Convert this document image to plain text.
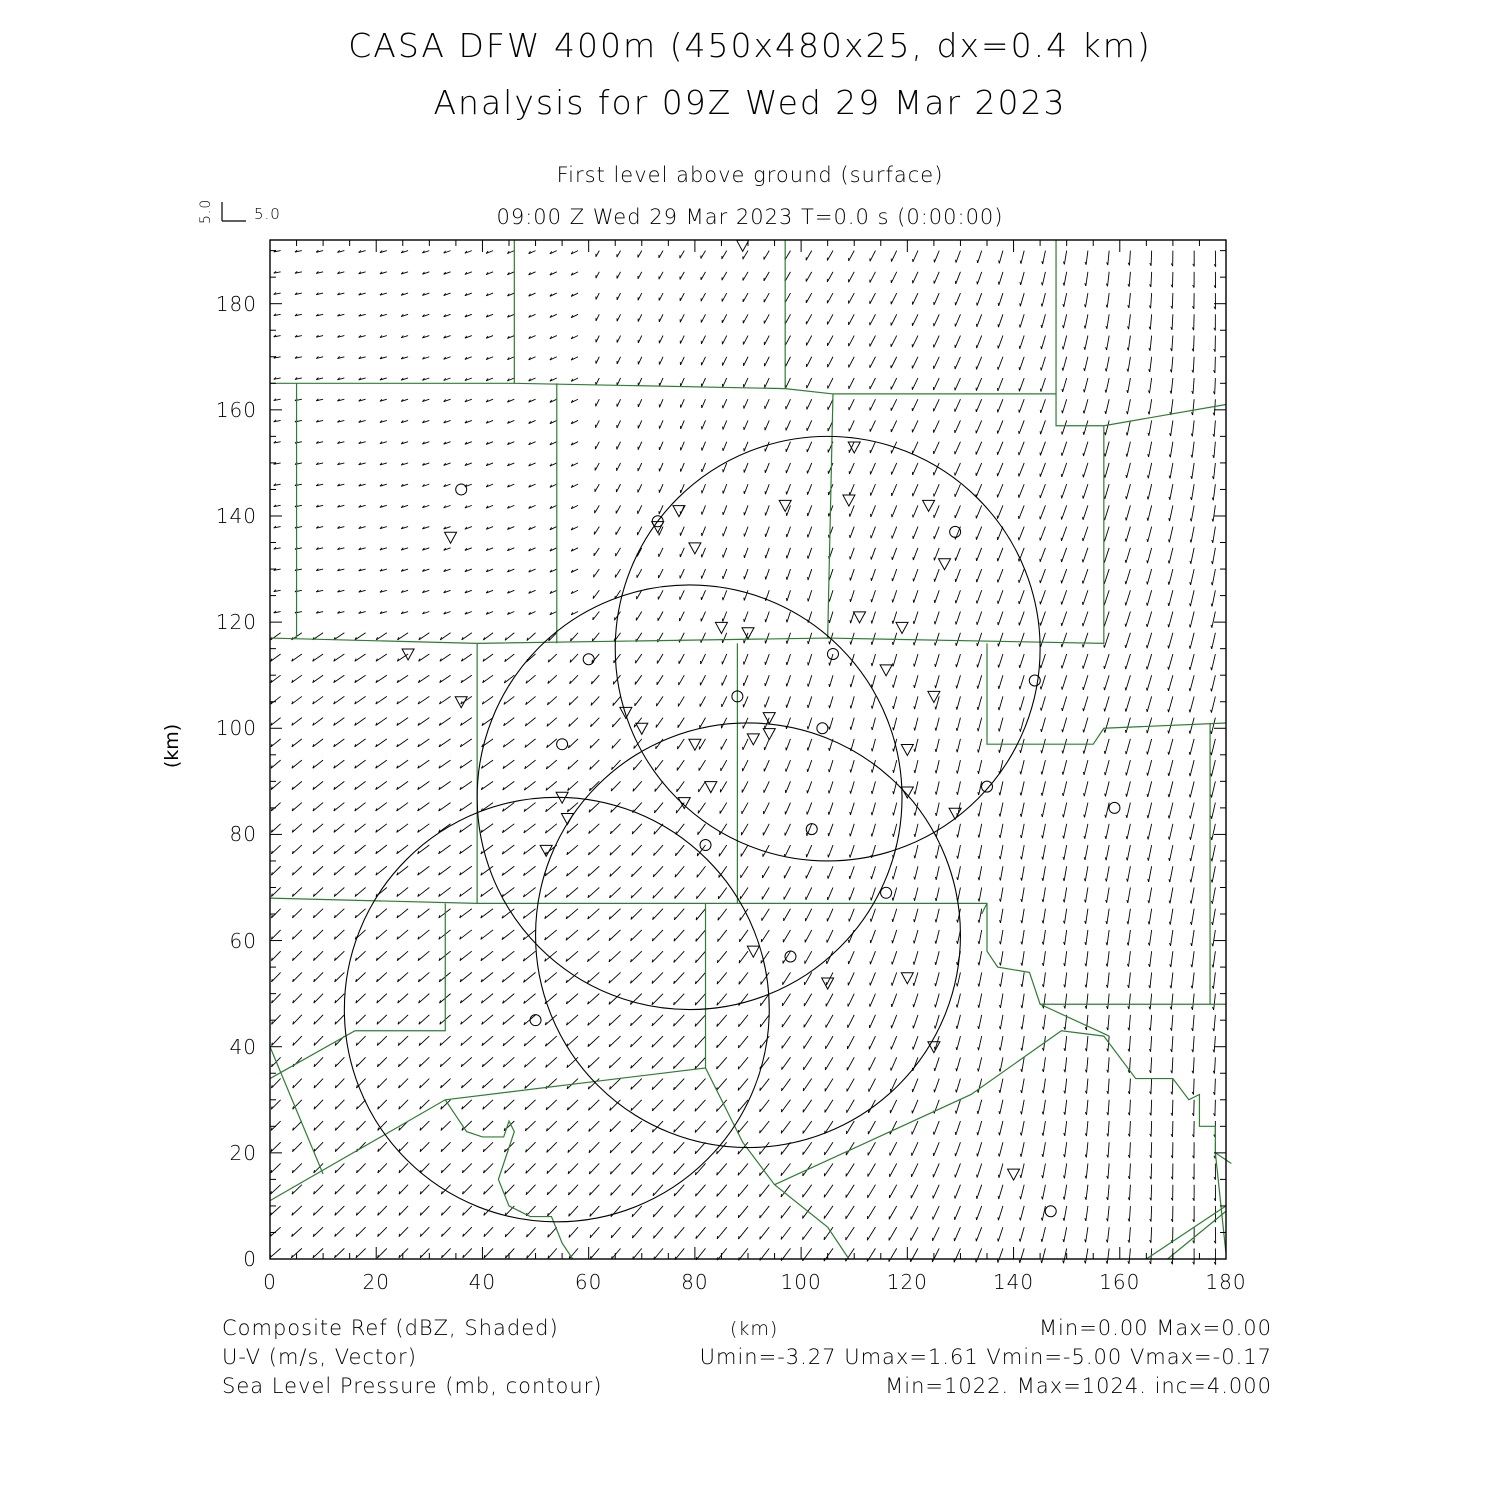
CASA DFW 400m (450x480x25, dx=0.4 km)
Analysis for 09Z Wed 29 Mar 2023
First level above ground (surface)
09:00 Z Wed 29 Mar 2023 T=0.0 s (0:00:00)
5.0	5.0
0	20	40	60	80	100	120	140	160	180
0
20
40
60
80
100
120
140
160
180
(km)
(km)
Composite Ref (dBZ, Shaded)	Min=0.00 Max=0.00
U-V (m/s, Vector)	Umin=-3.27 Umax=1.61 Vmin=-5.00 Vmax=-0.17
Sea Level Pressure (mb, contour)	Min=1022. Max=1024. inc=4.000
